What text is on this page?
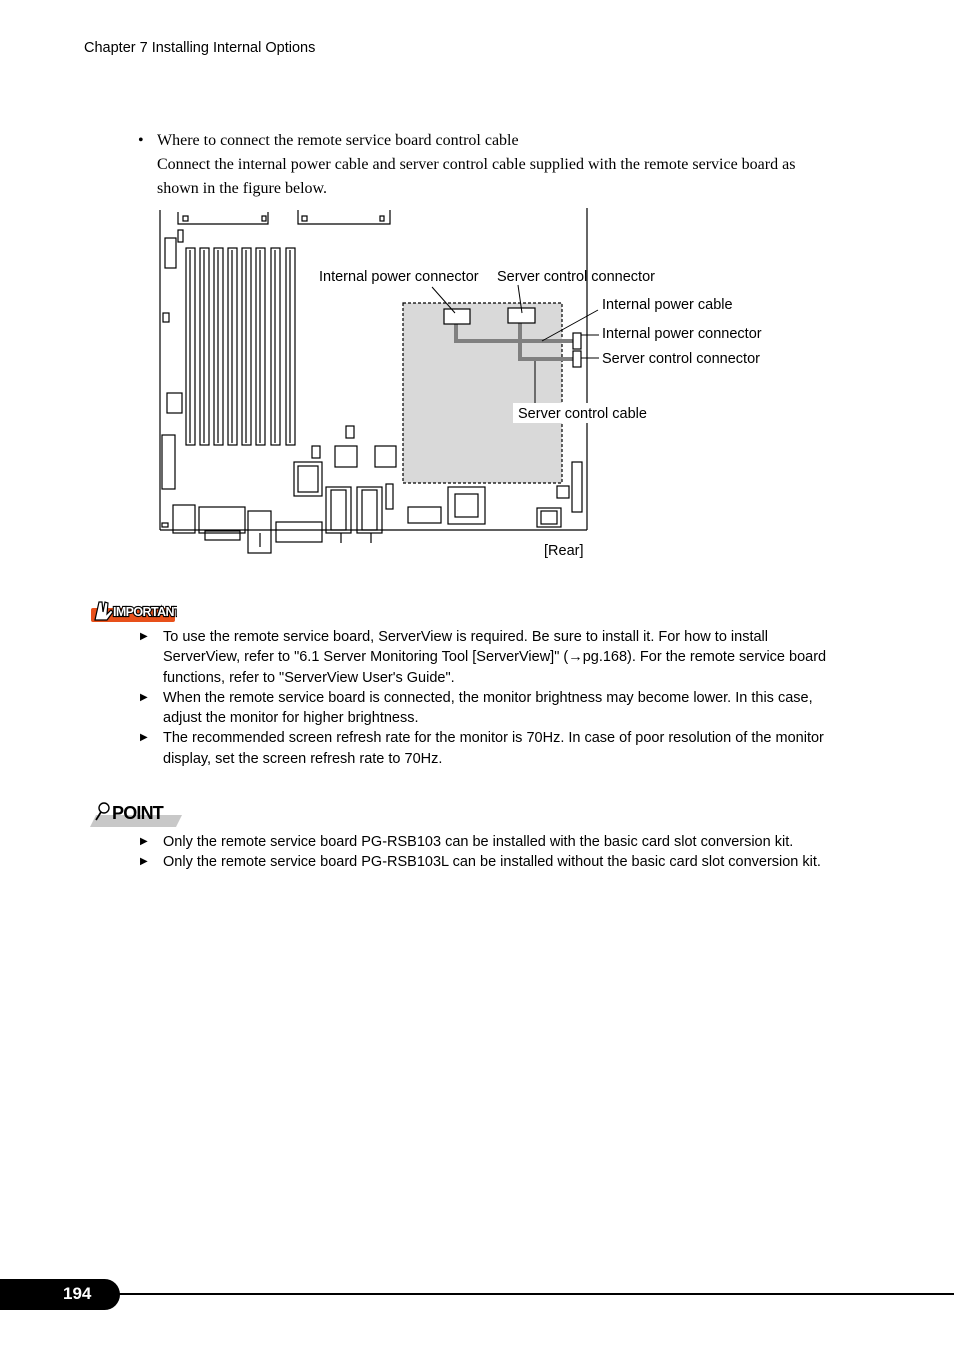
Chapter 7 Installing Internal Options
• Where to connect the remote service board control cable
Connect the internal power cable and server control cable supplied with the remote service board as shown in the figure below.
Internal power connector Server control connector
Internal power cable
Internal power connector
Server control connector
Server control cable
[Rear]
IMPORTANT
▶	To use the remote service board, ServerView is required. Be sure to install it. For how to install ServerView, refer to "6.1 Server Monitoring Tool [ServerView]" (→pg.168). For the remote service board functions, refer to "ServerView User's Guide".
▶	When the remote service board is connected, the monitor brightness may become lower. In this case, adjust the monitor for higher brightness.
▶	The recommended screen refresh rate for the monitor is 70Hz. In case of poor resolution of the monitor display, set the screen refresh rate to 70Hz.
POINT
▶	Only the remote service board PG-RSB103 can be installed with the basic card slot conversion kit.
▶	Only the remote service board PG-RSB103L can be installed without the basic card slot conversion kit.
194
